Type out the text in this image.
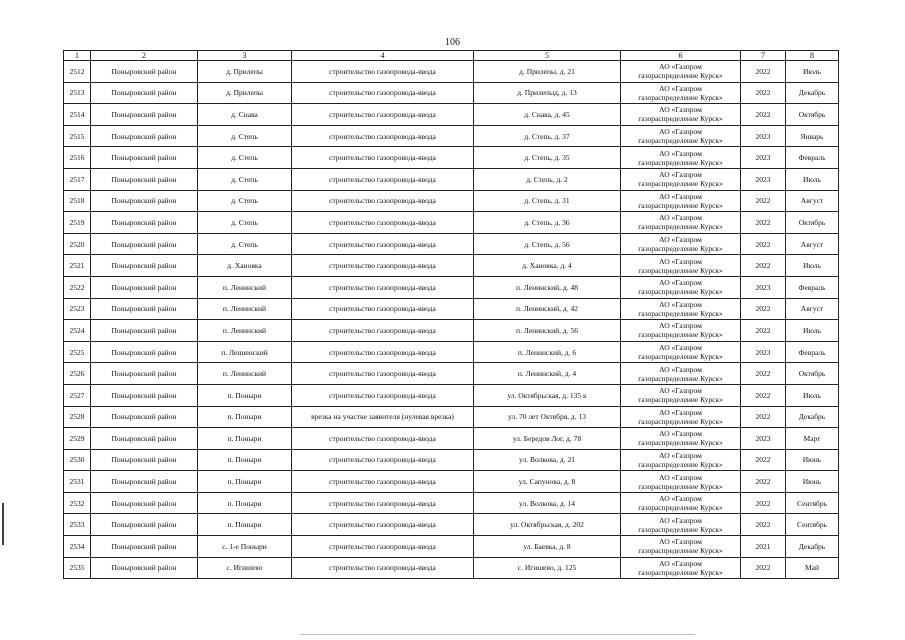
106
1	2	3	4	5	6	7	8
2512	Поныровский район	д. Прилепы	строительство газопровода-ввода	д. Прилепы, д. 21	АО «Газпром
газораспределение Курск»	2022	Июль
2513	Поныровский район	д. Прилепы	строительство газопровода-ввода	д. Прилепыд, д. 13	АО «Газпром
газораспределение Курск»	2022	Декабрь
2514	Поныровский район	д. Снава	строительство газопровода-ввода	д. Снава, д. 45	АО «Газпром
газораспределение Курск»	2022	Октябрь
2515	Поныровский район	д. Степь	строительство газопровода-ввода	д. Степь, д. 37	АО «Газпром
газораспределение Курск»	2023	Январь
2516	Поныровский район	д. Степь	строительство газопровода-ввода	д. Степь, д. 35	АО «Газпром
газораспределение Курск»	2023	Февраль
2517	Поныровский район	д. Степь	строительство газопровода-ввода	д. Степь, д. 2	АО «Газпром
газораспределение Курск»	2023	Июль
2518	Поныровский район	д. Степь	строительство газопровода-ввода	д. Степь, д. 31	АО «Газпром
газораспределение Курск»	2022	Август
2519	Поныровский район	д. Степь	строительство газопровода-ввода	д. Степь, д. 36	АО «Газпром
газораспределение Курск»	2022	Октябрь
2520	Поныровский район	д. Степь	строительство газопровода-ввода	д. Степь, д. 56	АО «Газпром
газораспределение Курск»	2022	Август
2521	Поныровский район	д. Хановка	строительство газопровода-ввода	д. Хановка, д. 4	АО «Газпром
газораспределение Курск»	2022	Июль
2522	Поныровский район	п. Ленинский	строительство газопровода-ввода	п. Ленинский, д. 48	АО «Газпром
газораспределение Курск»	2023	Февраль
2523	Поныровский район	п. Ленинский	строительство газопровода-ввода	п. Ленинский, д. 42	АО «Газпром
газораспределение Курск»	2022	Август
2524	Поныровский район	п. Ленинский	строительство газопровода-ввода	п. Ленинский, д. 56	АО «Газпром
газораспределение Курск»	2022	Июль
2525	Поныровский район	п. Ленненский	строительство газопровода-ввода	п. Ленинский, д. 6	АО «Газпром
газораспределение Курск»	2023	Февраль
2526	Поныровский район	п. Ленинский	строительство газопровода-ввода	п. Ленинский, д. 4	АО «Газпром
газораспределение Курск»	2022	Октябрь
2527	Поныровский район	п. Поныри	строительство газопровода-ввода	ул. Октябрьская, д. 135 к	АО «Газпром
газораспределение Курск»	2022	Июль
2528	Поныровский район	п. Поныри	врезка на участке заявителя (нулевая врезка)	ул. 70 лет Октября, д. 13	АО «Газпром
газораспределение Курск»	2022	Декабрь
2529	Поныровский район	п. Поныри	строительство газопровода-ввода	ул. Бередов Лог, д. 78	АО «Газпром
газораспределение Курск»	2023	Март
2530	Поныровский район	п. Поныри	строительство газопровода-ввода	ул. Волкова, д. 21	АО «Газпром
газораспределение Курск»	2022	Июнь
2531	Поныровский район	п. Поныри	строительство газопровода-ввода	ул. Сапунова, д. 8	АО «Газпром
газораспределение Курск»	2022	Июнь
2532	Поныровский район	п. Поныри	строительство газопровода-ввода	ул. Волкова, д. 14	АО «Газпром
газораспределение Курск»	2022	Сентябрь
2533	Поныровский район	п. Поныри	строительство газопровода-ввода	ул. Октябрьская, д. 202	АО «Газпром
газораспределение Курск»	2022	Сентябрь
2534	Поныровский район	с. 1-е Поныри	строительство газопровода-ввода	ул. Баевка, д. 8	АО «Газпром
газораспределение Курск»	2021	Декабрь
2535	Поныровский район	с. Игишево	строительство газопровода-ввода	с. Игишево, д. 125	АО «Газпром
газораспределение Курск»	2022	Май
